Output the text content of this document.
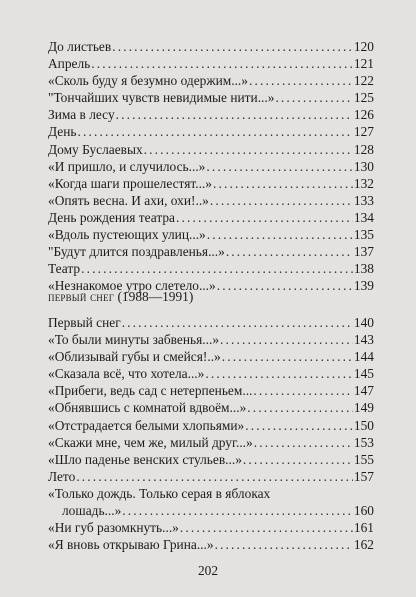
До листьев . . .	120
Апрель . . .	121
«Сколь буду я безумно одержим...» . . .	122
"Тончайших чувств невидимые нити...» . . .	125
Зима в лесу . . .	126
День . . .	127
Дому Буслаевых . . .	128
«И пришло, и случилось...» . . .	130
«Когда шаги прошелестят...» . . .	132
«Опять весна. И ахи, охи!..» . . .	133
День рождения театра . . .	134
«Вдоль пустеющих улиц...» . . .	135
"Будут длится поздравленья...» . . .	137
Театр . . .	138
«Незнакомое утро слетело...» . . .	139
первый снег (1988—1991)
Первый снег . . .	140
«То были минуты забвенья...» . . .	143
«Облизывай губы и смейся!..» . . .	144
«Сказала всё, что хотела...» . . .	145
«Прибеги, ведь сад с нетерпеньем... . . .	147
«Обнявшись с комнатой вдвоём...» . . .	149
«Отстрадается белыми хлопьями» . . .	150
«Скажи мне, чем же, милый друг...» . . .	153
«Шло паденье венских стульев...» . . .	155
Лето . . .	157
«Только дождь. Только серая в яблоках
лошадь...» . . .	160
«Ни губ разомкнуть...» . . .	161
«Я вновь открываю Грина...» . . .	162
202
